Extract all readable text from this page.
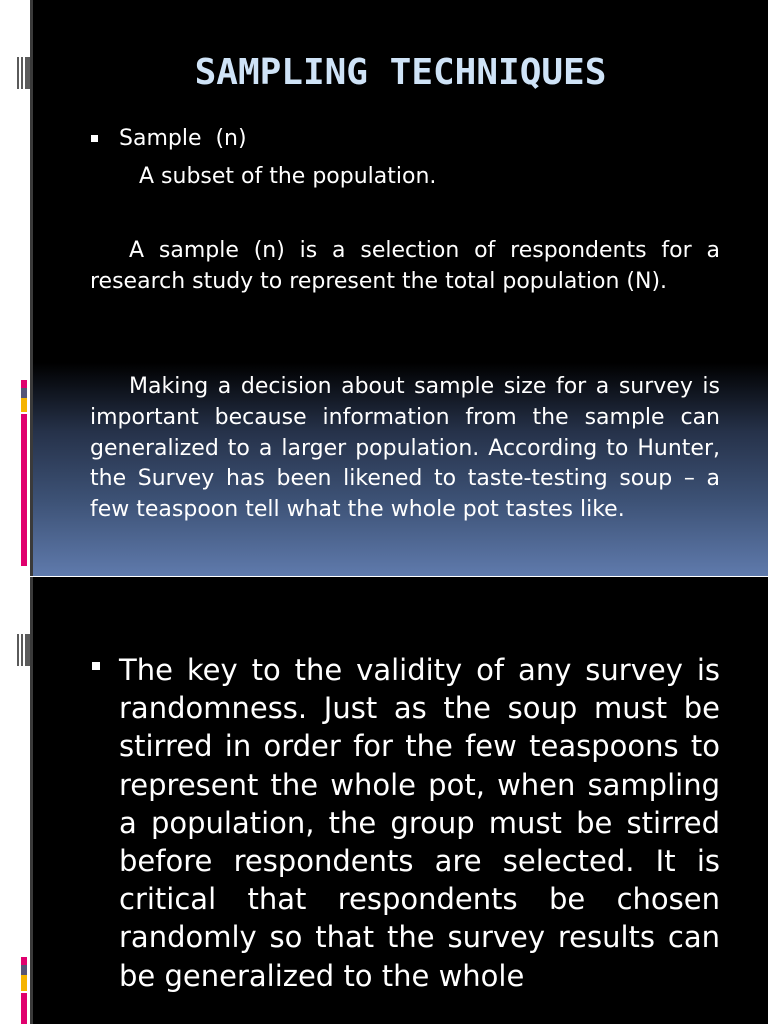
SAMPLING TECHNIQUES

Sample  (n)

A subset of the population.

A sample (n) is a selection of respondents for a research study to represent the total population (N).

Making a decision about sample size for a survey is important because information from the sample can generalized to a larger population. According to Hunter, the Survey has been likened to taste-testing soup – a few teaspoon tell what the whole pot tastes like.

The key to the validity of any survey is randomness. Just as the soup must be stirred in order for the few teaspoons to represent the whole pot, when sampling a population, the group must be stirred before respondents are selected. It is critical that respondents be chosen randomly so that the survey results can be generalized to the whole
